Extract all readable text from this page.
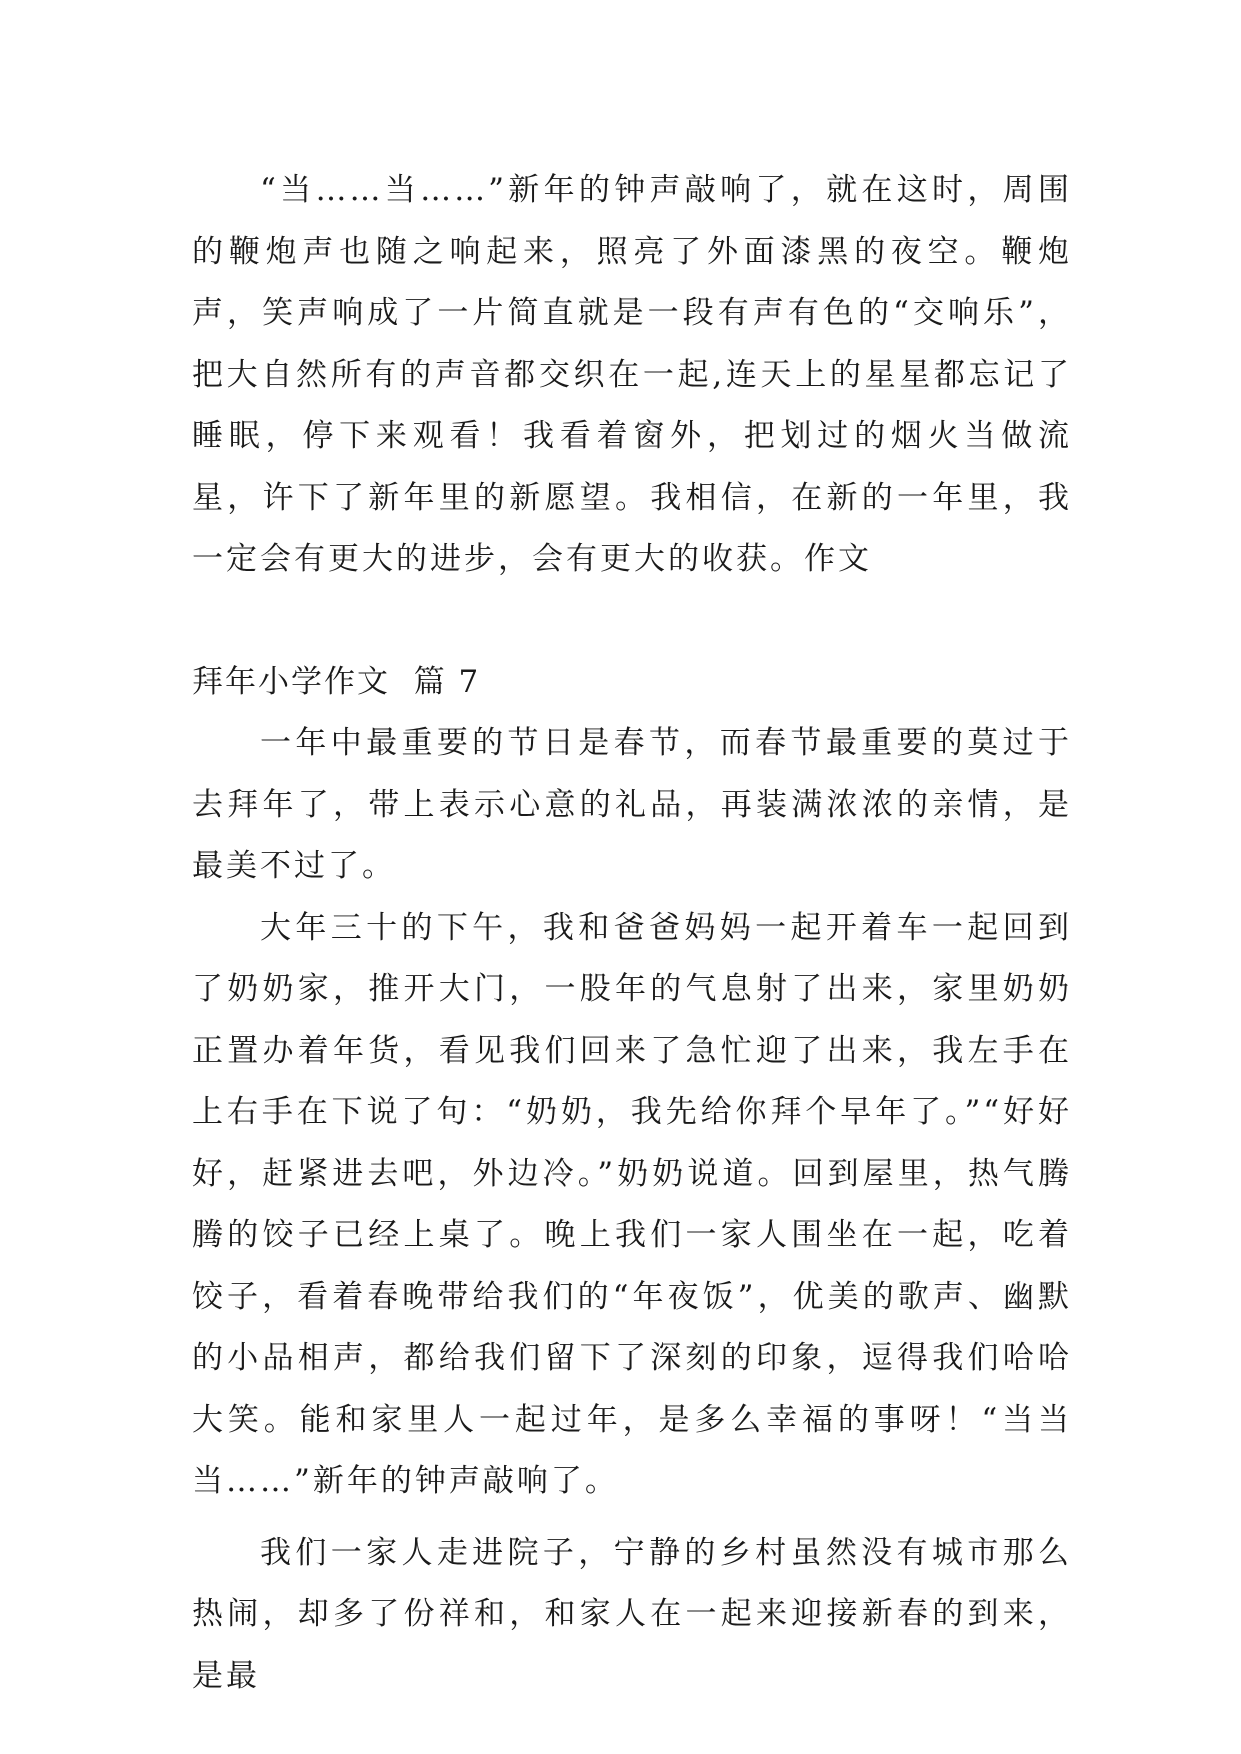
“当……当……”新年的钟声敲响了，就在这时，周围的鞭炮声也随之响起来，照亮了外面漆黑的夜空。鞭炮声，笑声响成了一片简直就是一段有声有色的“交响乐”，把大自然所有的声音都交织在一起,连天上的星星都忘记了睡眠，停下来观看！我看着窗外，把划过的烟火当做流星，许下了新年里的新愿望。我相信，在新的一年里，我一定会有更大的进步，会有更大的收获。作文

拜年小学作文  篇 7

一年中最重要的节日是春节，而春节最重要的莫过于去拜年了，带上表示心意的礼品，再装满浓浓的亲情，是最美不过了。

大年三十的下午，我和爸爸妈妈一起开着车一起回到了奶奶家，推开大门，一股年的气息射了出来，家里奶奶正置办着年货，看见我们回来了急忙迎了出来，我左手在上右手在下说了句：“奶奶，我先给你拜个早年了。”“好好好，赶紧进去吧，外边冷。”奶奶说道。回到屋里，热气腾腾的饺子已经上桌了。晚上我们一家人围坐在一起，吃着饺子，看着春晚带给我们的“年夜饭”，优美的歌声、幽默的小品相声，都给我们留下了深刻的印象，逗得我们哈哈大笑。能和家里人一起过年，是多么幸福的事呀！“当当当……”新年的钟声敲响了。

我们一家人走进院子，宁静的乡村虽然没有城市那么热闹，却多了份祥和，和家人在一起来迎接新春的到来，是最
